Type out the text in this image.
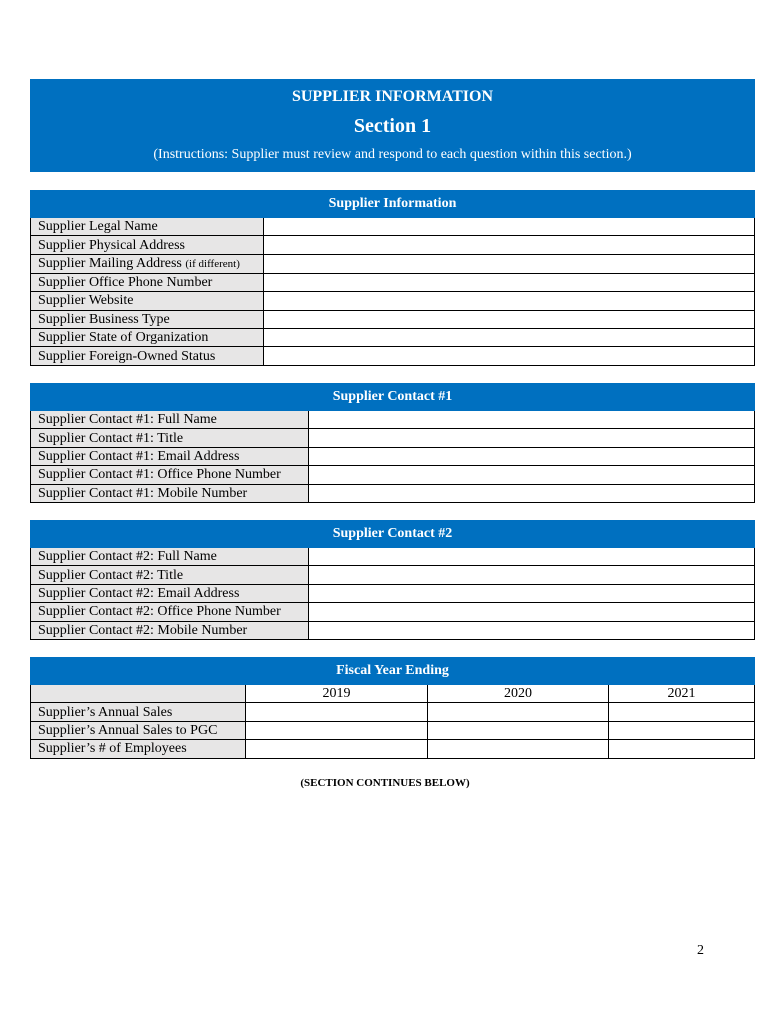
SUPPLIER INFORMATION
Section 1
(Instructions: Supplier must review and respond to each question within this section.)
Supplier Information	
Supplier Legal Name	
Supplier Physical Address	
Supplier Mailing Address (if different)	
Supplier Office Phone Number	
Supplier Website	
Supplier Business Type	
Supplier State of Organization	
Supplier Foreign-Owned Status	
Supplier Contact #1	
Supplier Contact #1: Full Name	
Supplier Contact #1: Title	
Supplier Contact #1: Email Address	
Supplier Contact #1: Office Phone Number	
Supplier Contact #1: Mobile Number	
Supplier Contact #2	
Supplier Contact #2: Full Name	
Supplier Contact #2: Title	
Supplier Contact #2: Email Address	
Supplier Contact #2: Office Phone Number	
Supplier Contact #2: Mobile Number	
Fiscal Year Ending			
	2019	2020	2021
Supplier’s Annual Sales			
Supplier’s Annual Sales to PGC			
Supplier’s # of Employees			
(SECTION CONTINUES BELOW)
2
